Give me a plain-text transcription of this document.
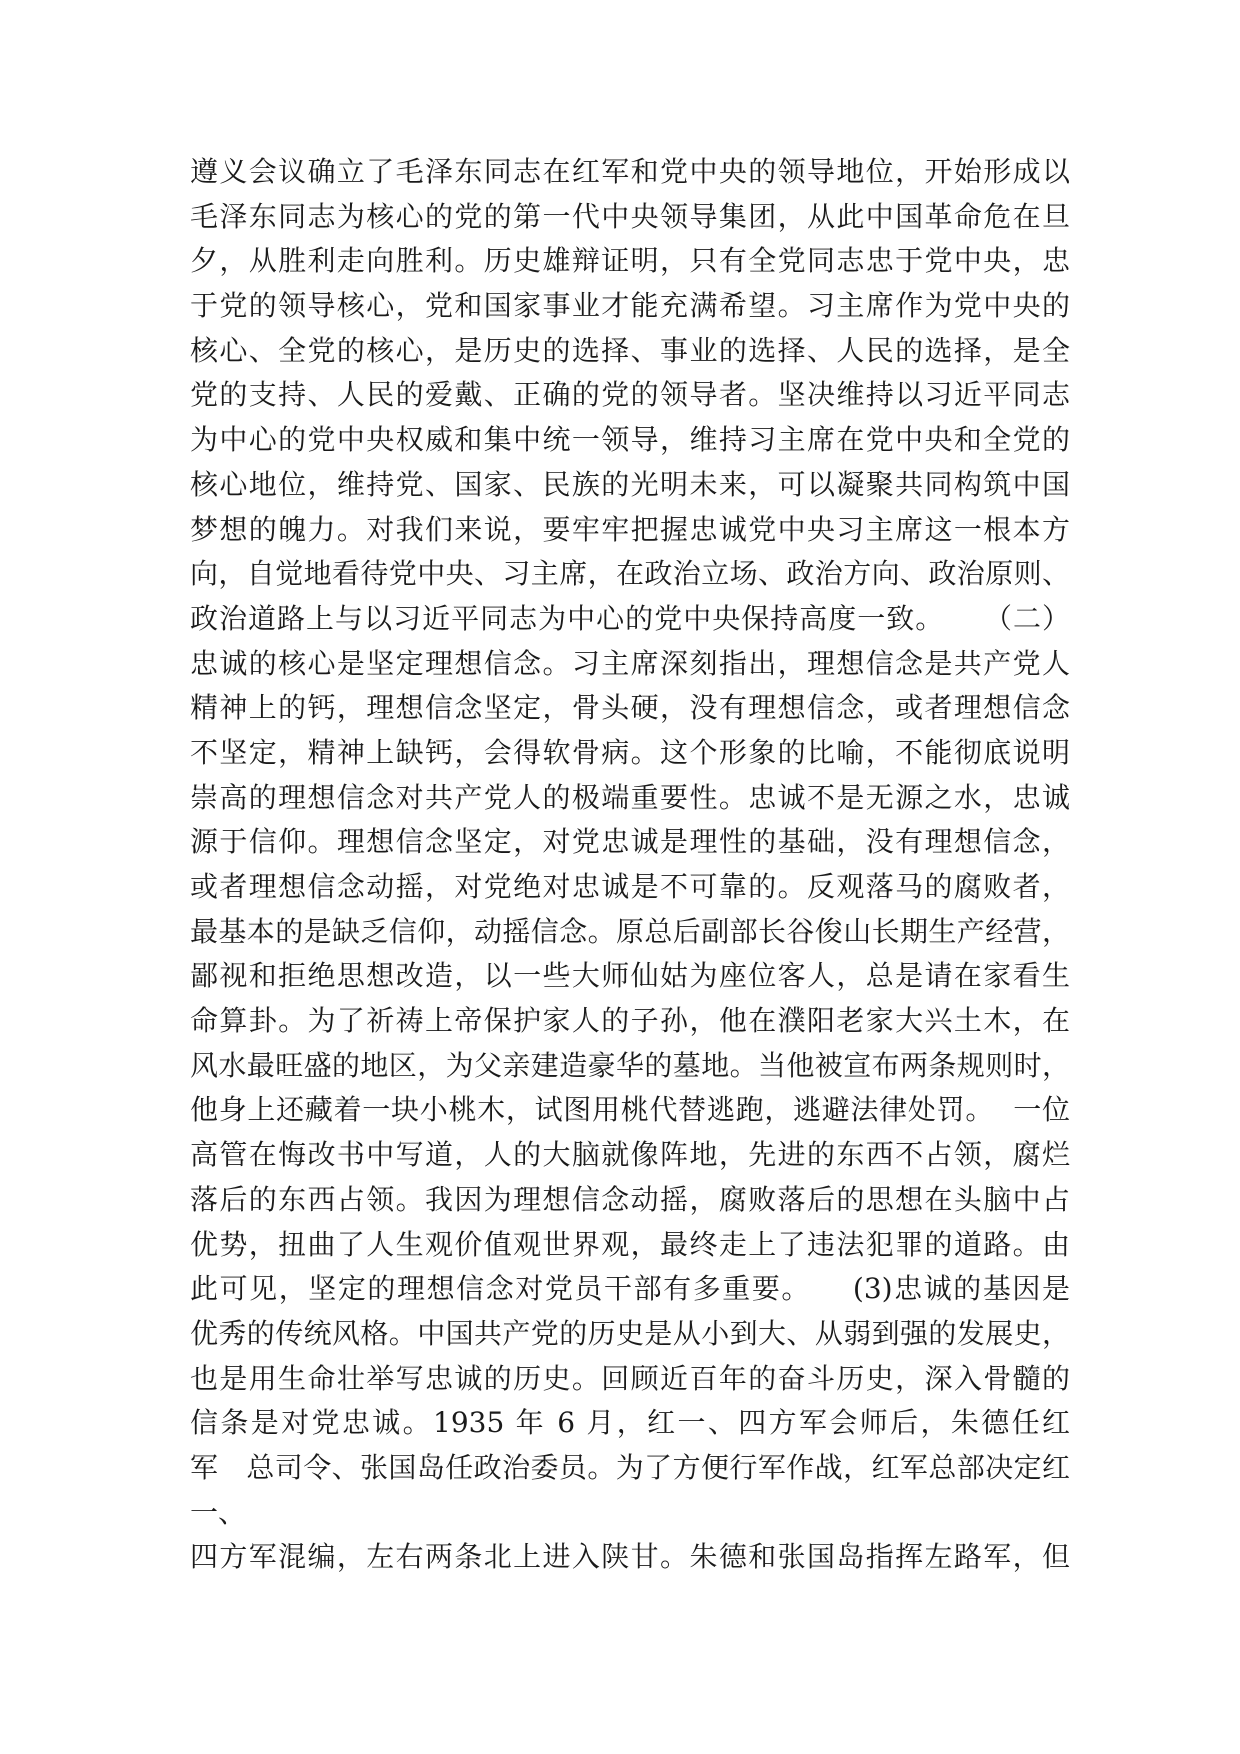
遵义会议确立了毛泽东同志在红军和党中央的领导地位，开始形成以
毛泽东同志为核心的党的第一代中央领导集团，从此中国革命危在旦
夕，从胜利走向胜利。历史雄辩证明，只有全党同志忠于党中央，忠
于党的领导核心，党和国家事业才能充满希望。习主席作为党中央的
核心、全党的核心，是历史的选择、事业的选择、人民的选择，是全
党的支持、人民的爱戴、正确的党的领导者。坚决维持以习近平同志
为中心的党中央权威和集中统一领导，维持习主席在党中央和全党的
核心地位，维持党、国家、民族的光明未来，可以凝聚共同构筑中国
梦想的魄力。对我们来说，要牢牢把握忠诚党中央习主席这一根本方
向，自觉地看待党中央、习主席，在政治立场、政治方向、政治原则、
政治道路上与以习近平同志为中心的党中央保持高度一致。    （二）
忠诚的核心是坚定理想信念。习主席深刻指出，理想信念是共产党人
精神上的钙，理想信念坚定，骨头硬，没有理想信念，或者理想信念
不坚定，精神上缺钙，会得软骨病。这个形象的比喻，不能彻底说明
崇高的理想信念对共产党人的极端重要性。忠诚不是无源之水，忠诚
源于信仰。理想信念坚定，对党忠诚是理性的基础，没有理想信念，
或者理想信念动摇，对党绝对忠诚是不可靠的。反观落马的腐败者，
最基本的是缺乏信仰，动摇信念。原总后副部长谷俊山长期生产经营，
鄙视和拒绝思想改造，以一些大师仙姑为座位客人，总是请在家看生
命算卦。为了祈祷上帝保护家人的子孙，他在濮阳老家大兴土木，在
风水最旺盛的地区，为父亲建造豪华的墓地。当他被宣布两条规则时，
他身上还藏着一块小桃木，试图用桃代替逃跑，逃避法律处罚。  一位
高管在悔改书中写道，人的大脑就像阵地，先进的东西不占领，腐烂
落后的东西占领。我因为理想信念动摇，腐败落后的思想在头脑中占
优势，扭曲了人生观价值观世界观，最终走上了违法犯罪的道路。由
此可见，坚定的理想信念对党员干部有多重要。    (3)忠诚的基因是
优秀的传统风格。中国共产党的历史是从小到大、从弱到强的发展史，
也是用生命壮举写忠诚的历史。回顾近百年的奋斗历史，深入骨髓的
信条是对党忠诚。1935 年 6 月，红一、四方军会师后，朱德任红
军   总司令、张国岛任政治委员。为了方便行军作战，红军总部决定红
一、
四方军混编，左右两条北上进入陕甘。朱德和张国岛指挥左路军，但
